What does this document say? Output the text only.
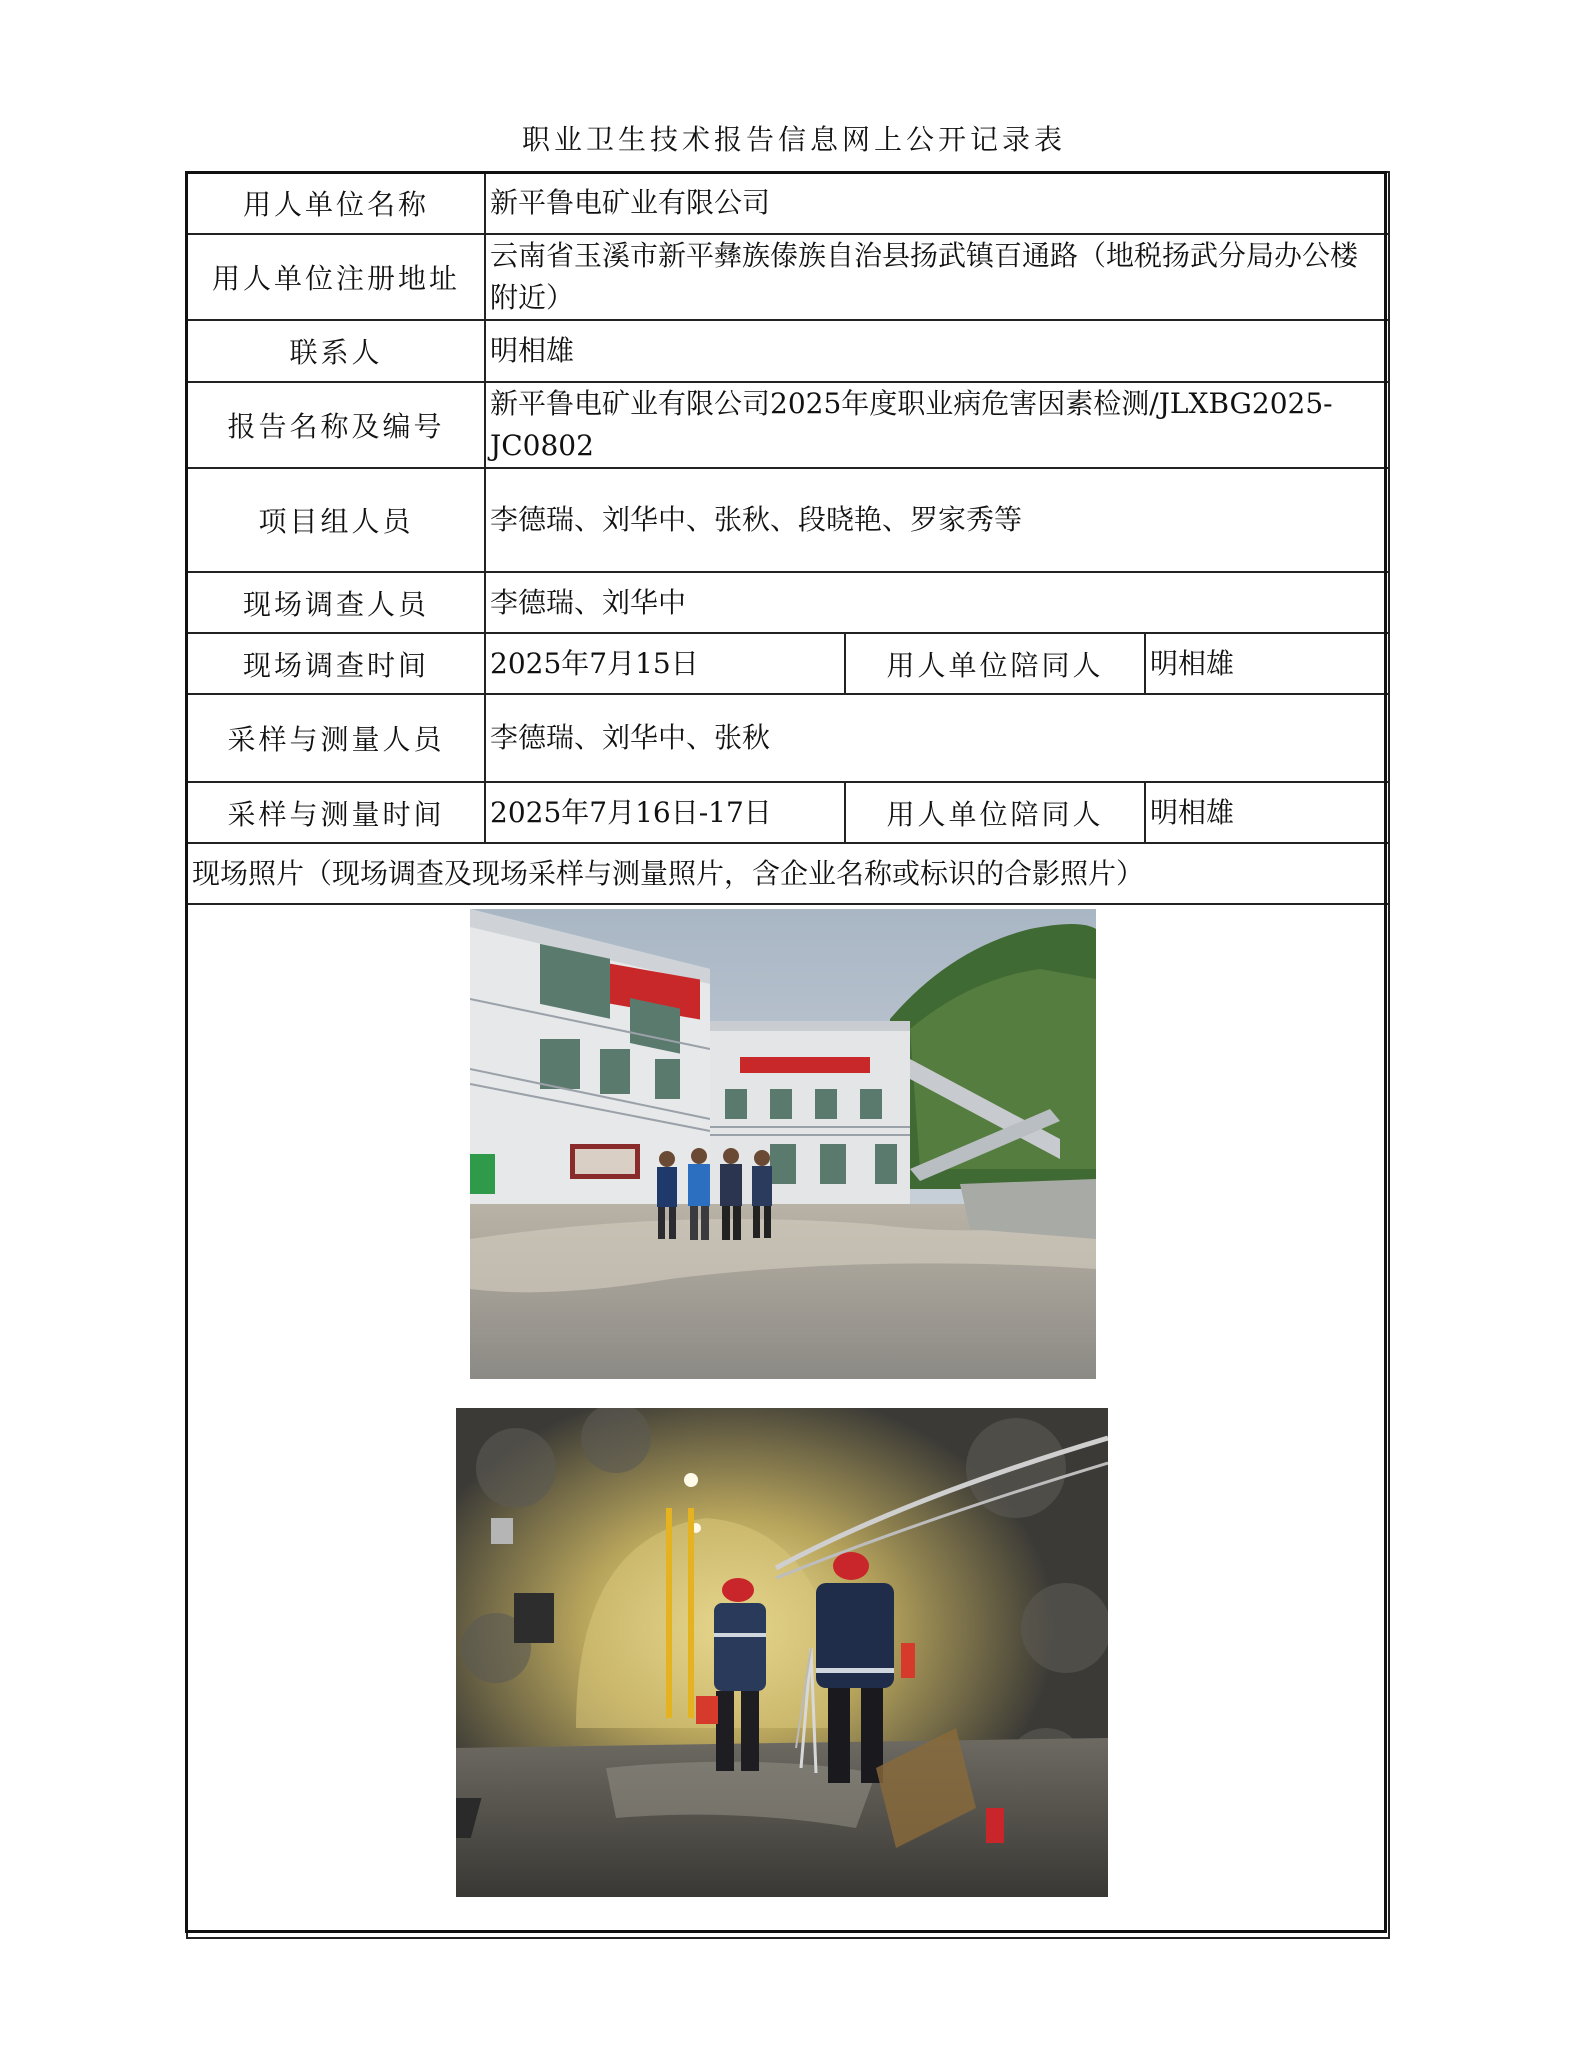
职业卫生技术报告信息网上公开记录表
用人单位名称	新平鲁电矿业有限公司		
用人单位注册地址	云南省玉溪市新平彝族傣族自治县扬武镇百通路（地税扬武分局办公楼附近）		
联系人	明相雄		
报告名称及编号	新平鲁电矿业有限公司2025年度职业病危害因素检测/JLXBG2025-JC0802		
项目组人员	李德瑞、刘华中、张秋、段晓艳、罗家秀等		
现场调查人员	李德瑞、刘华中		
现场调查时间	2025年7月15日	用人单位陪同人	明相雄
采样与测量人员	李德瑞、刘华中、张秋		
采样与测量时间	2025年7月16日-17日	用人单位陪同人	明相雄
现场照片（现场调查及现场采样与测量照片，含企业名称或标识的合影照片）			
